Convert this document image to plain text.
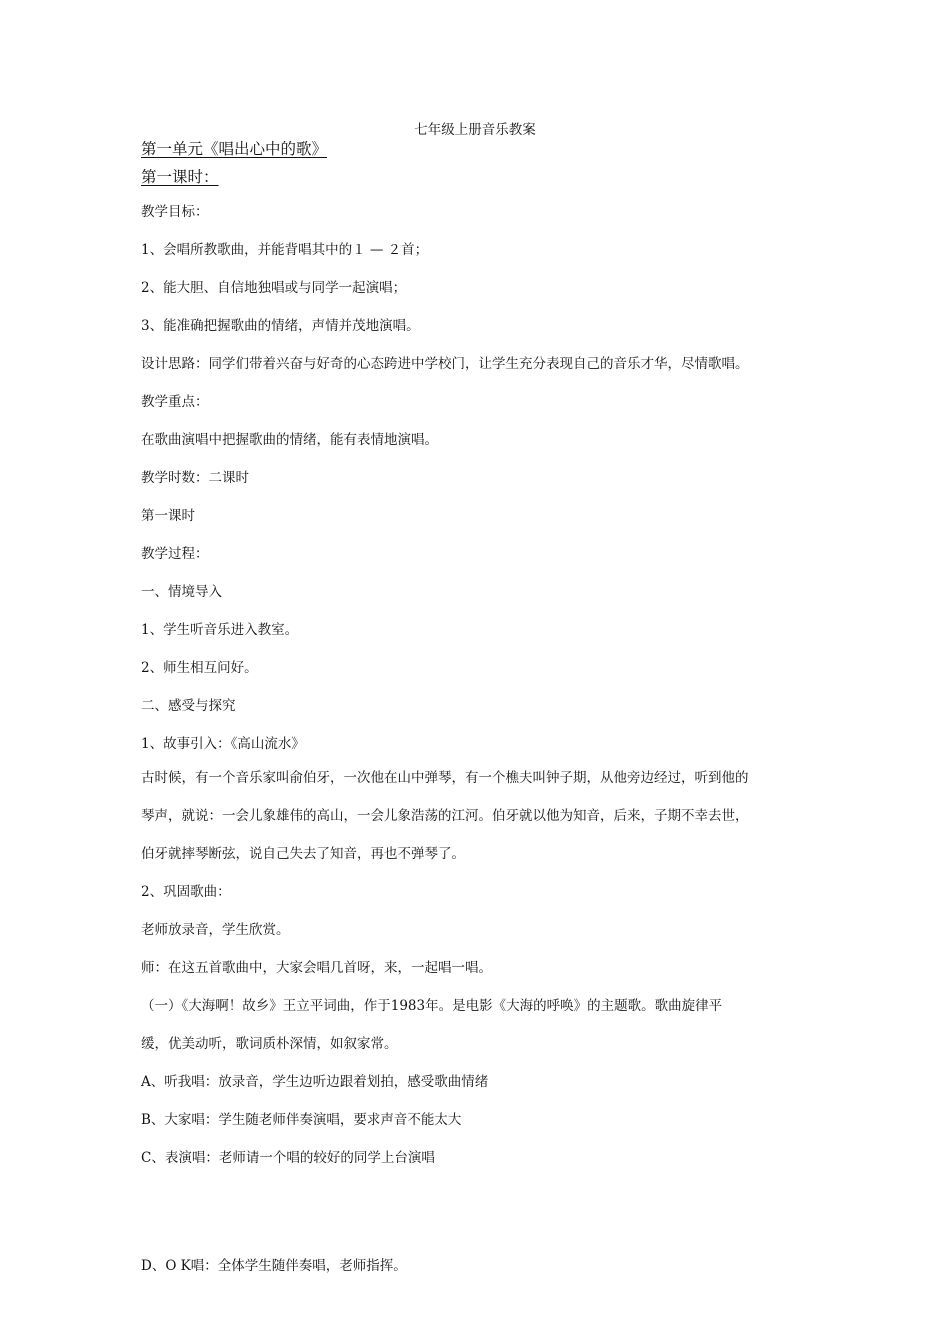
七年级上册音乐教案
第一单元《唱出心中的歌》
第一课时：
教学目标：
1、会唱所教歌曲，并能背唱其中的１ — ２首；
2、能大胆、自信地独唱或与同学一起演唱；
3、能准确把握歌曲的情绪，声情并茂地演唱。
设计思路：同学们带着兴奋与好奇的心态跨进中学校门，让学生充分表现自己的音乐才华，尽情歌唱。
教学重点：
在歌曲演唱中把握歌曲的情绪，能有表情地演唱。
教学时数：二课时
第一课时
教学过程：
一、情境导入
1、学生听音乐进入教室。
2、师生相互问好。
二、感受与探究
1、故事引入：《高山流水》
古时候，有一个音乐家叫俞伯牙，一次他在山中弹琴，有一个樵夫叫钟子期，从他旁边经过，听到他的
琴声，就说：一会儿象雄伟的高山，一会儿象浩荡的江河。伯牙就以他为知音，后来，子期不幸去世，
伯牙就摔琴断弦，说自己失去了知音，再也不弹琴了。
2、巩固歌曲：
老师放录音，学生欣赏。
师：在这五首歌曲中，大家会唱几首呀，来，一起唱一唱。
（一）《大海啊！故乡》王立平词曲，作于1983年。是电影《大海的呼唤》的主题歌。歌曲旋律平
缓，优美动听，歌词质朴深情，如叙家常。
A、听我唱：放录音，学生边听边跟着划拍，感受歌曲情绪
B、大家唱：学生随老师伴奏演唱，要求声音不能太大
C、表演唱：老师请一个唱的较好的同学上台演唱
D、O K唱：全体学生随伴奏唱，老师指挥。
